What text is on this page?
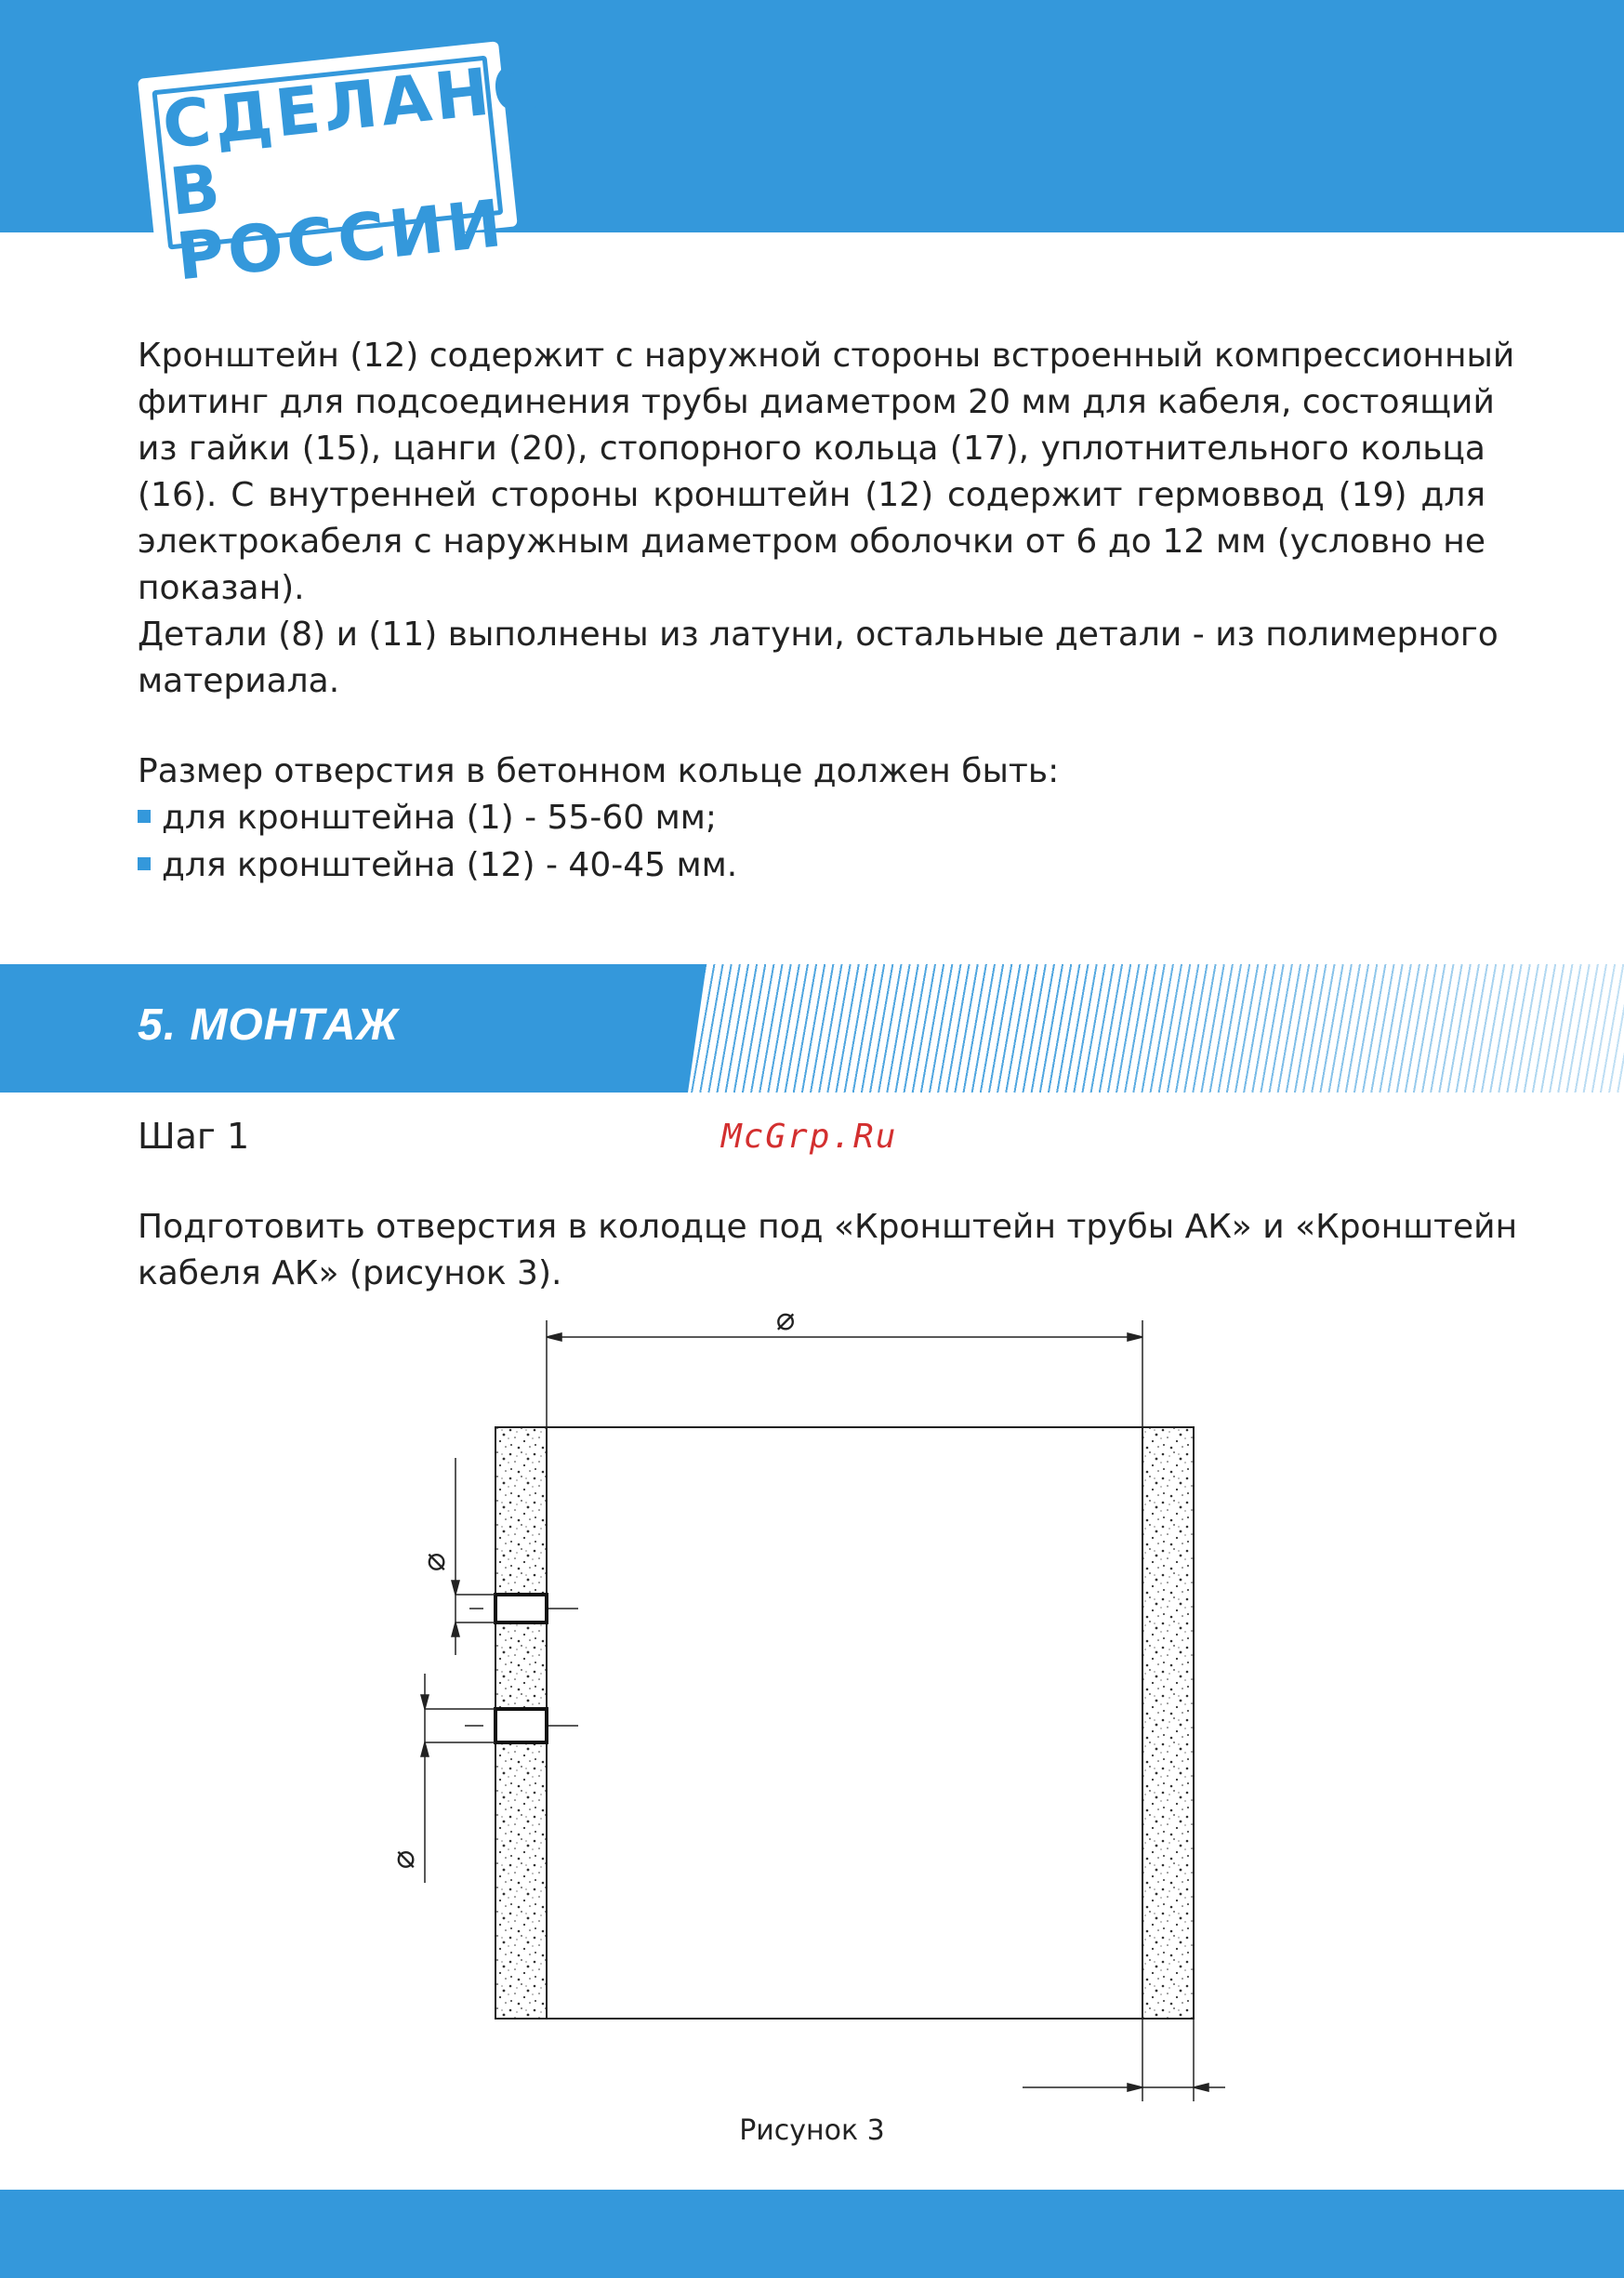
СДЕЛАНО
В РОССИИ
Кронштейн (12) содержит с наружной стороны встроенный компрессионный
фитинг для подсоединения трубы диаметром 20 мм для кабеля, состоящий
из гайки (15), цанги (20), стопорного кольца (17), уплотнительного кольца
(16). С внутренней стороны кронштейн (12) содержит гермоввод (19) для
электрокабеля с наружным диаметром оболочки от 6 до 12 мм (условно не
показан).
Детали (8) и (11) выполнены из латуни, остальные детали - из полимерного
материала.
Размер отверстия в бетонном кольце должен быть:
для кронштейна (1) - 55-60 мм;
для кронштейна (12) - 40-45 мм.
5. МОНТАЖ
Шаг 1	McGrp.Ru
Подготовить отверстия в колодце под «Кронштейн трубы АК» и «Кронштейн
кабеля АК» (рисунок 3).
⌀
⌀
⌀
Рисунок 3
